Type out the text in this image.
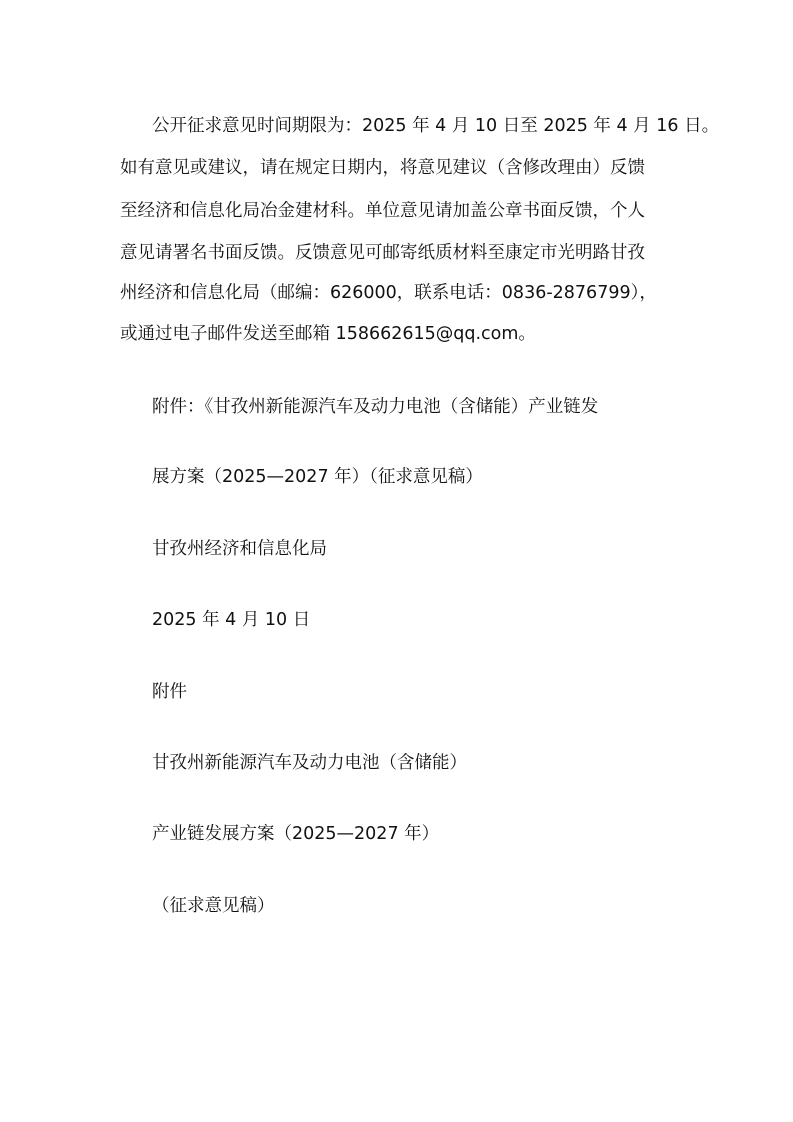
公开征求意见时间期限为：2025 年 4 月 10 日至 2025 年 4 月 16 日。
如有意见或建议，请在规定日期内，将意见建议（含修改理由）反馈
至经济和信息化局冶金建材科。单位意见请加盖公章书面反馈，个人
意见请署名书面反馈。反馈意见可邮寄纸质材料至康定市光明路甘孜
州经济和信息化局（邮编：626000，联系电话：0836-2876799），
或通过电子邮件发送至邮箱 158662615@qq.com。
附件：《甘孜州新能源汽车及动力电池（含储能）产业链发
展方案（2025—2027 年）（征求意见稿）
甘孜州经济和信息化局
2025 年 4 月 10 日
附件
甘孜州新能源汽车及动力电池（含储能）
产业链发展方案（2025—2027 年）
（征求意见稿）
